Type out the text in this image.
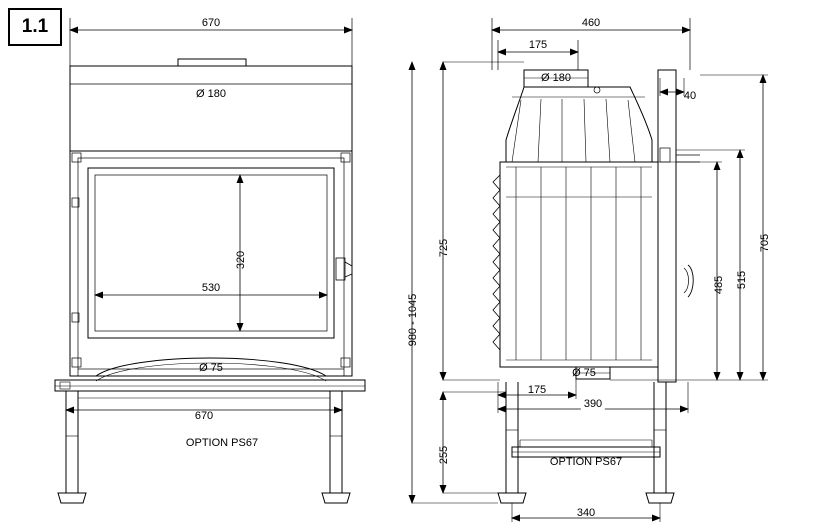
1.1	670
Ø 180
530
320
Ø 75
670
OPTION PS67
460
175
Ø 180
40
725
980 - 1045
255
485 515
705
Ø 75
175
390
340
OPTION PS67
